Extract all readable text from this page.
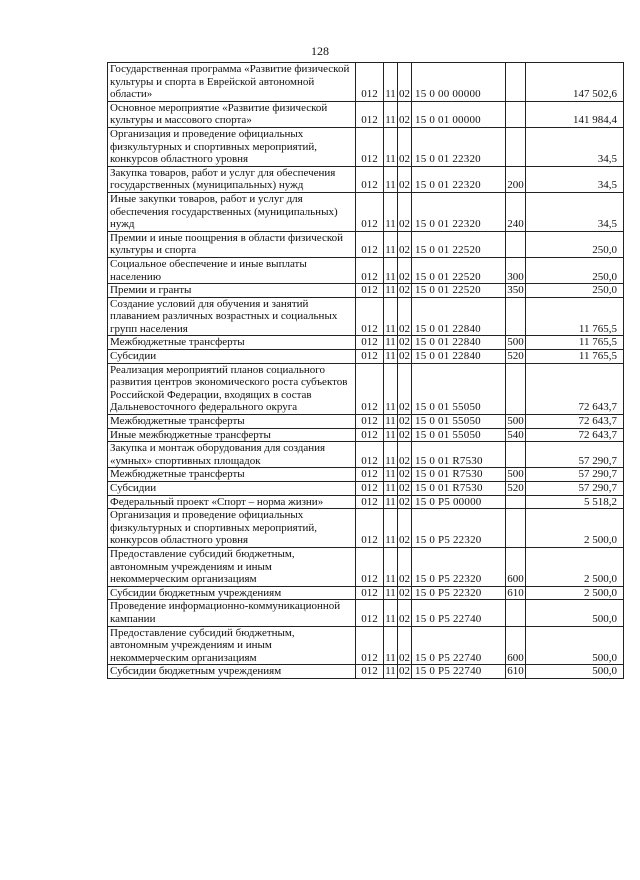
128
Государственная программа «Развитие физической культуры и спорта в Еврейской автономной области»	012	11	02	15 0 00 00000		147 502,6
Основное мероприятие «Развитие физической культуры и массового спорта»	012	11	02	15 0 01 00000		141 984,4
Организация и проведение официальных физкультурных и спортивных мероприятий, конкурсов областного уровня	012	11	02	15 0 01 22320		34,5
Закупка товаров, работ и услуг для обеспечения государственных (муниципальных) нужд	012	11	02	15 0 01 22320	200	34,5
Иные закупки товаров, работ и услуг для обеспечения государственных (муниципальных) нужд	012	11	02	15 0 01 22320	240	34,5
Премии и иные поощрения в области физической культуры и спорта	012	11	02	15 0 01 22520		250,0
Социальное обеспечение и иные выплаты населению	012	11	02	15 0 01 22520	300	250,0
Премии и гранты	012	11	02	15 0 01 22520	350	250,0
Создание условий для обучения и занятий плаванием различных возрастных и социальных групп населения	012	11	02	15 0 01 22840		11 765,5
Межбюджетные трансферты	012	11	02	15 0 01 22840	500	11 765,5
Субсидии	012	11	02	15 0 01 22840	520	11 765,5
Реализация мероприятий планов социального развития центров экономического роста субъектов Российской Федерации, входящих в состав Дальневосточного федерального округа	012	11	02	15 0 01 55050		72 643,7
Межбюджетные трансферты	012	11	02	15 0 01 55050	500	72 643,7
Иные межбюджетные трансферты	012	11	02	15 0 01 55050	540	72 643,7
Закупка и монтаж оборудования для создания «умных» спортивных площадок	012	11	02	15 0 01 R7530		57 290,7
Межбюджетные трансферты	012	11	02	15 0 01 R7530	500	57 290,7
Субсидии	012	11	02	15 0 01 R7530	520	57 290,7
Федеральный проект «Спорт – норма жизни»	012	11	02	15 0 P5 00000		5 518,2
Организация и проведение официальных физкультурных и спортивных мероприятий, конкурсов областного уровня	012	11	02	15 0 P5 22320		2 500,0
Предоставление субсидий бюджетным, автономным учреждениям и иным некоммерческим организациям	012	11	02	15 0 P5 22320	600	2 500,0
Субсидии бюджетным учреждениям	012	11	02	15 0 P5 22320	610	2 500,0
Проведение информационно-коммуникационной кампании	012	11	02	15 0 P5 22740		500,0
Предоставление субсидий бюджетным, автономным учреждениям и иным некоммерческим организациям	012	11	02	15 0 P5 22740	600	500,0
Субсидии бюджетным учреждениям	012	11	02	15 0 P5 22740	610	500,0
